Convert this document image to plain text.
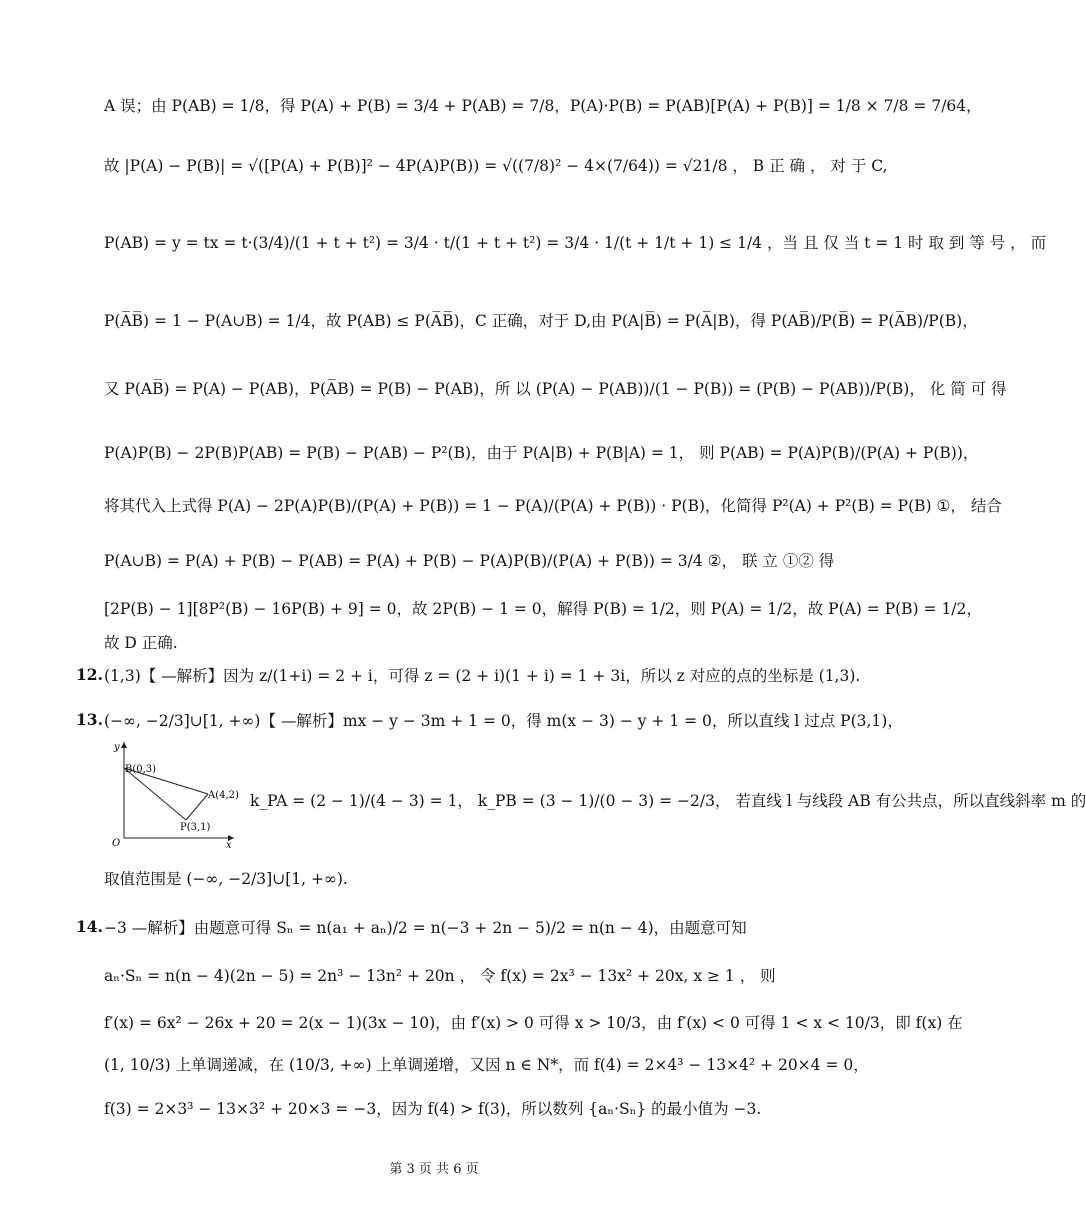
A 误；由 P(AB) = 1/8，得 P(A) + P(B) = 3/4 + P(AB) = 7/8，P(A)·P(B) = P(AB)[P(A) + P(B)] = 1/8 × 7/8 = 7/64，
故 |P(A) − P(B)| = √([P(A) + P(B)]² − 4P(A)P(B)) = √((7/8)² − 4×(7/64)) = √21/8 ， B 正 确 ， 对 于 C,
P(AB) = y = tx = t·(3/4)/(1 + t + t²) = 3/4 · t/(1 + t + t²) = 3/4 · 1/(t + 1/t + 1) ≤ 1/4 ，当 且 仅 当 t = 1 时 取 到 等 号 ， 而
P(A̅B̅) = 1 − P(A∪B) = 1/4，故 P(AB) ≤ P(A̅B̅)，C 正确，对于 D,由 P(A|B̅) = P(A̅|B)，得 P(AB̅)/P(B̅) = P(A̅B)/P(B)，
又 P(AB̅) = P(A) − P(AB)，P(A̅B) = P(B) − P(AB)，所 以 (P(A) − P(AB))/(1 − P(B)) = (P(B) − P(AB))/P(B)， 化 简 可 得
P(A)P(B) − 2P(B)P(AB) = P(B) − P(AB) − P²(B)，由于 P(A|B) + P(B|A) = 1， 则 P(AB) = P(A)P(B)/(P(A) + P(B))，
将其代入上式得 P(A) − 2P(A)P(B)/(P(A) + P(B)) = 1 − P(A)/(P(A) + P(B)) · P(B)，化简得 P²(A) + P²(B) = P(B) ①， 结合
P(A∪B) = P(A) + P(B) − P(AB) = P(A) + P(B) − P(A)P(B)/(P(A) + P(B)) = 3/4 ②， 联 立 ①② 得
[2P(B) − 1][8P²(B) − 16P(B) + 9] = 0，故 2P(B) − 1 = 0，解得 P(B) = 1/2，则 P(A) = 1/2，故 P(A) = P(B) = 1/2，
故 D 正确.
12. (1,3)【 —解析】因为 z/(1+i) = 2 + i，可得 z = (2 + i)(1 + i) = 1 + 3i，所以 z 对应的点的坐标是 (1,3).
13. (−∞, −2/3]∪[1, +∞)【 —解析】mx − y − 3m + 1 = 0，得 m(x − 3) − y + 1 = 0，所以直线 l 过点 P(3,1)，
y
B(0,3)
A(4,2)
P(3,1)
O	x
k_PA = (2 − 1)/(4 − 3) = 1， k_PB = (3 − 1)/(0 − 3) = −2/3， 若直线 l 与线段 AB 有公共点，所以直线斜率 m 的
取值范围是 (−∞, −2/3]∪[1, +∞).
14. −3 —解析】由题意可得 Sₙ = n(a₁ + aₙ)/2 = n(−3 + 2n − 5)/2 = n(n − 4)，由题意可知
aₙ·Sₙ = n(n − 4)(2n − 5) = 2n³ − 13n² + 20n ， 令 f(x) = 2x³ − 13x² + 20x, x ≥ 1 ， 则
f′(x) = 6x² − 26x + 20 = 2(x − 1)(3x − 10)，由 f′(x) > 0 可得 x > 10/3，由 f′(x) < 0 可得 1 < x < 10/3，即 f(x) 在
(1, 10/3) 上单调递减，在 (10/3, +∞) 上单调递增，又因 n ∈ N*，而 f(4) = 2×4³ − 13×4² + 20×4 = 0，
f(3) = 2×3³ − 13×3² + 20×3 = −3，因为 f(4) > f(3)，所以数列 {aₙ·Sₙ} 的最小值为 −3.
第 3 页 共 6 页
